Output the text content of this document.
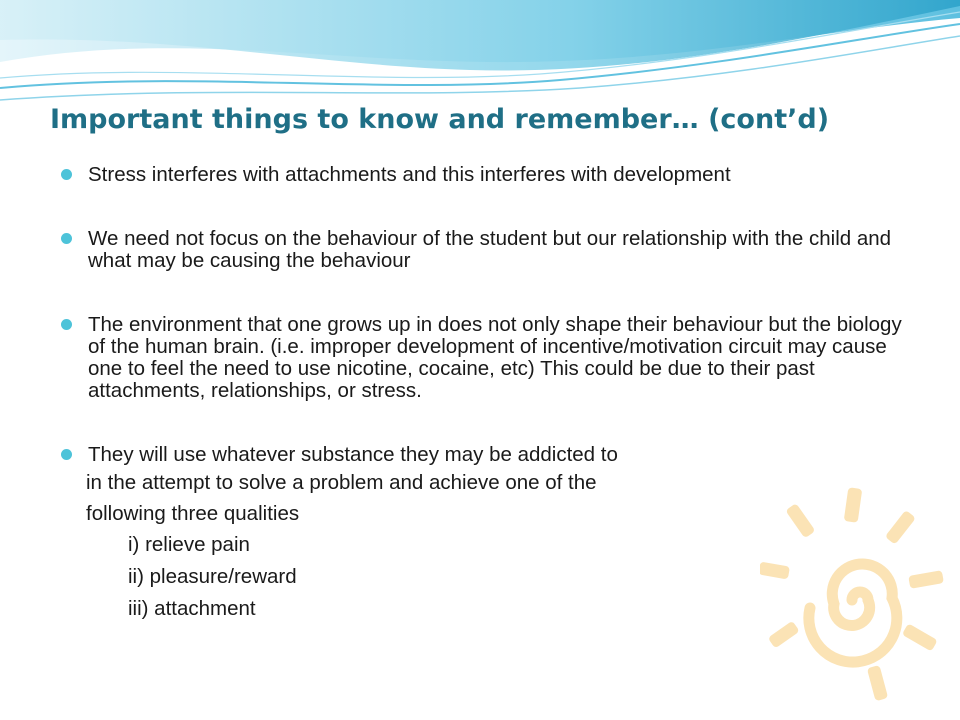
Important things to know and remember… (cont’d)
Stress interferes with attachments and this interferes with development
We need not focus on the behaviour of the student but our relationship with the child and what may be causing the behaviour
The environment that one grows up in does not only shape their behaviour but the biology of the human brain. (i.e. improper development of incentive/motivation circuit may cause one to feel the need to use nicotine, cocaine, etc) This could be due to their past attachments, relationships, or stress.
They will use whatever substance they may be addicted to
in the attempt to solve a problem and achieve one of the
following three qualities
i) relieve pain
ii) pleasure/reward
iii) attachment
